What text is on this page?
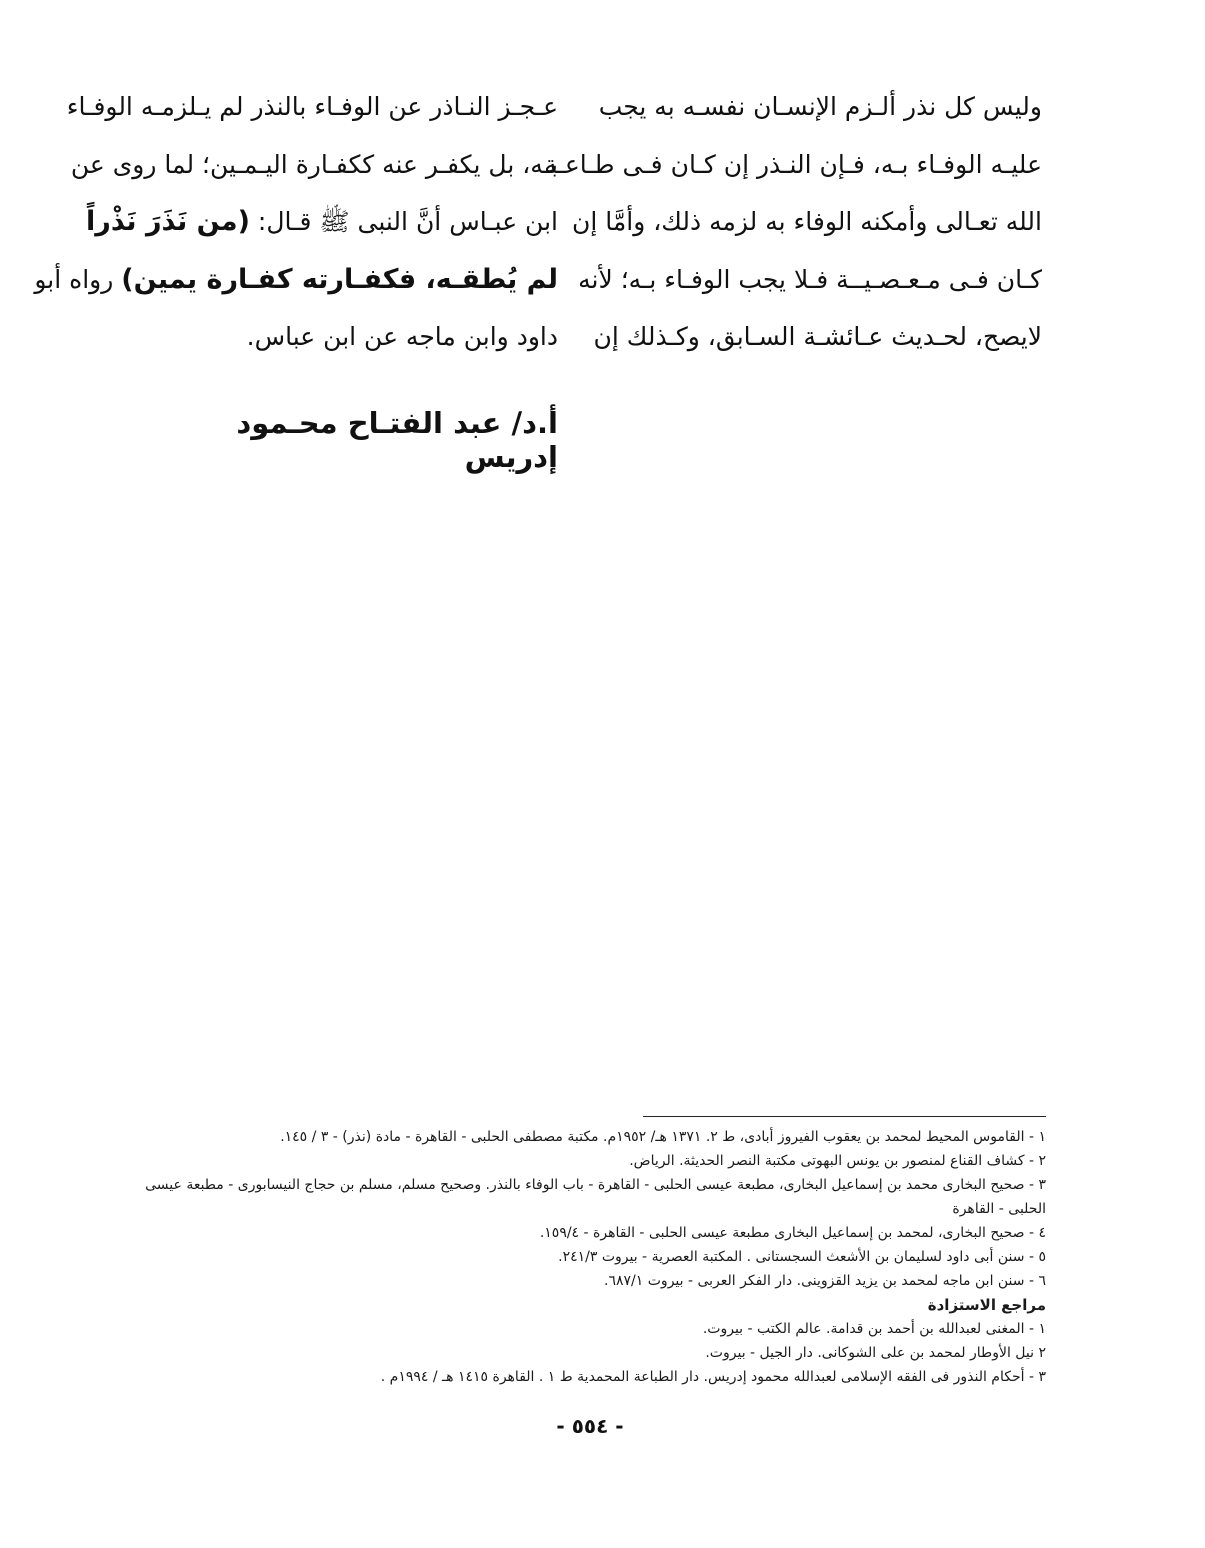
وليس كل نذر ألـزم الإنسـان نفسـه به يجب
عليـه الوفـاء بـه، فـإن النـذر إن كـان فـى طـاعـة
الله تعـالى وأمكنه الوفاء به لزمه ذلك، وأمَّا إن
كـان فـى مـعـصـيــة فـلا يجب الوفـاء بـه؛ لأنه
لايصح، لحـديث عـائشـة السـابق، وكـذلك إن
عـجـز النـاذر عن الوفـاء بالنذر لم يـلزمـه الوفـاء
بـه، بل يكفـر عنه ككفـارة اليـمـين؛ لما روى عن
ابن عبـاس أنَّ النبى ﷺ قـال: (من نَذَرَ نَذْراً
لم يُطقـه، فكفـارته كفـارة يمين) رواه أبو
داود وابن ماجه عن ابن عباس.
أ.د/ عبد الفتـاح محـمود إدريس
١ - القاموس المحيط لمحمد بن يعقوب الفيروز أبادى، ط ٢. ١٣٧١ هـ/ ١٩٥٢م. مكتبة مصطفى الحلبى - القاهرة - مادة (نذر) - ٣ / ١٤٥.
٢ - كشاف القناع لمنصور بن يونس البهوتى مكتبة النصر الحديثة. الرياض.
٣ - صحيح البخارى محمد بن إسماعيل البخارى، مطبعة عيسى الحلبى - القاهرة - باب الوفاء بالنذر. وصحيح مسلم، مسلم بن حجاج النيسابورى - مطبعة عيسى الحلبى - القاهرة
٤ - صحيح البخارى، لمحمد بن إسماعيل البخارى مطبعة عيسى الحلبى - القاهرة - ١٥٩/٤.
٥ - سنن أبى داود لسليمان بن الأشعث السجستانى . المكتبة العصرية - بيروت ٢٤١/٣.
٦ - سنن ابن ماجه لمحمد بن يزيد القزوينى. دار الفكر العربى - بيروت ٦٨٧/١.
مراجع الاستزادة
١ - المغنى لعبدالله بن أحمد بن قدامة. عالم الكتب - بيروت.
٢ نيل الأوطار لمحمد بن على الشوكانى. دار الجيل - بيروت.
٣ - أحكام النذور فى الفقه الإسلامى لعبدالله محمود إدريس. دار الطباعة المحمدية ط ١ . القاهرة ١٤١٥ هـ / ١٩٩٤م .
- ٥٥٤ -
